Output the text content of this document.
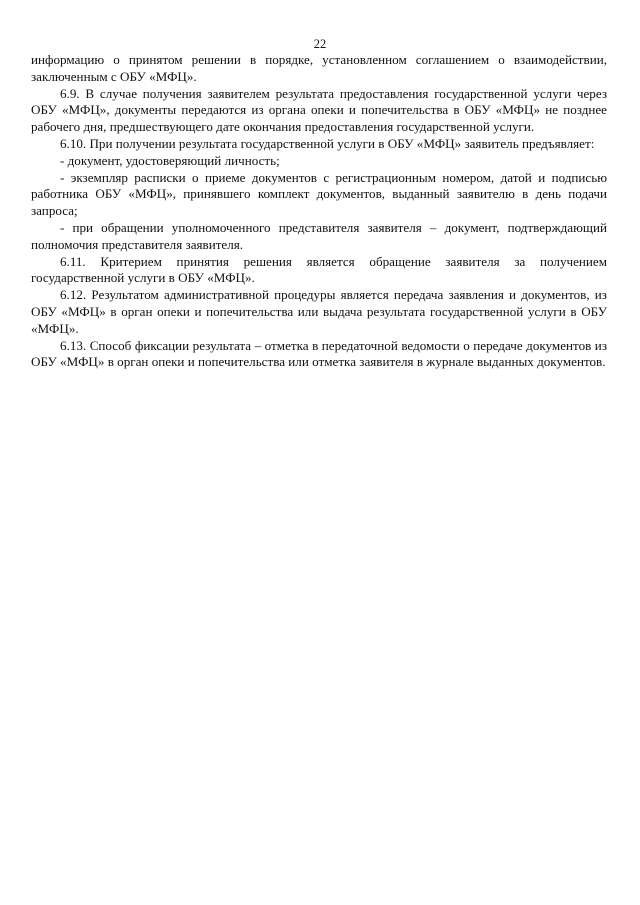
22

информацию о принятом решении в порядке, установленном соглашением о взаимодействии, заключенным с ОБУ «МФЦ».

6.9. В случае получения заявителем результата предоставления государственной услуги через ОБУ «МФЦ», документы передаются из органа опеки и попечительства в ОБУ «МФЦ» не позднее рабочего дня, предшествующего дате окончания предоставления государственной услуги.

6.10. При получении результата государственной услуги в ОБУ «МФЦ» заявитель предъявляет:

- документ, удостоверяющий личность;

- экземпляр расписки о приеме документов с регистрационным номером, датой и подписью работника ОБУ «МФЦ», принявшего комплект документов, выданный заявителю в день подачи запроса;

- при обращении уполномоченного представителя заявителя – документ, подтверждающий полномочия представителя заявителя.

6.11. Критерием принятия решения является обращение заявителя за получением государственной услуги в ОБУ «МФЦ».

6.12. Результатом административной процедуры является передача заявления и документов, из ОБУ «МФЦ» в орган опеки и попечительства или выдача результата государственной услуги в ОБУ «МФЦ».

6.13. Способ фиксации результата – отметка в передаточной ведомости о передаче документов из ОБУ «МФЦ» в орган опеки и попечительства или отметка заявителя в журнале выданных документов.
